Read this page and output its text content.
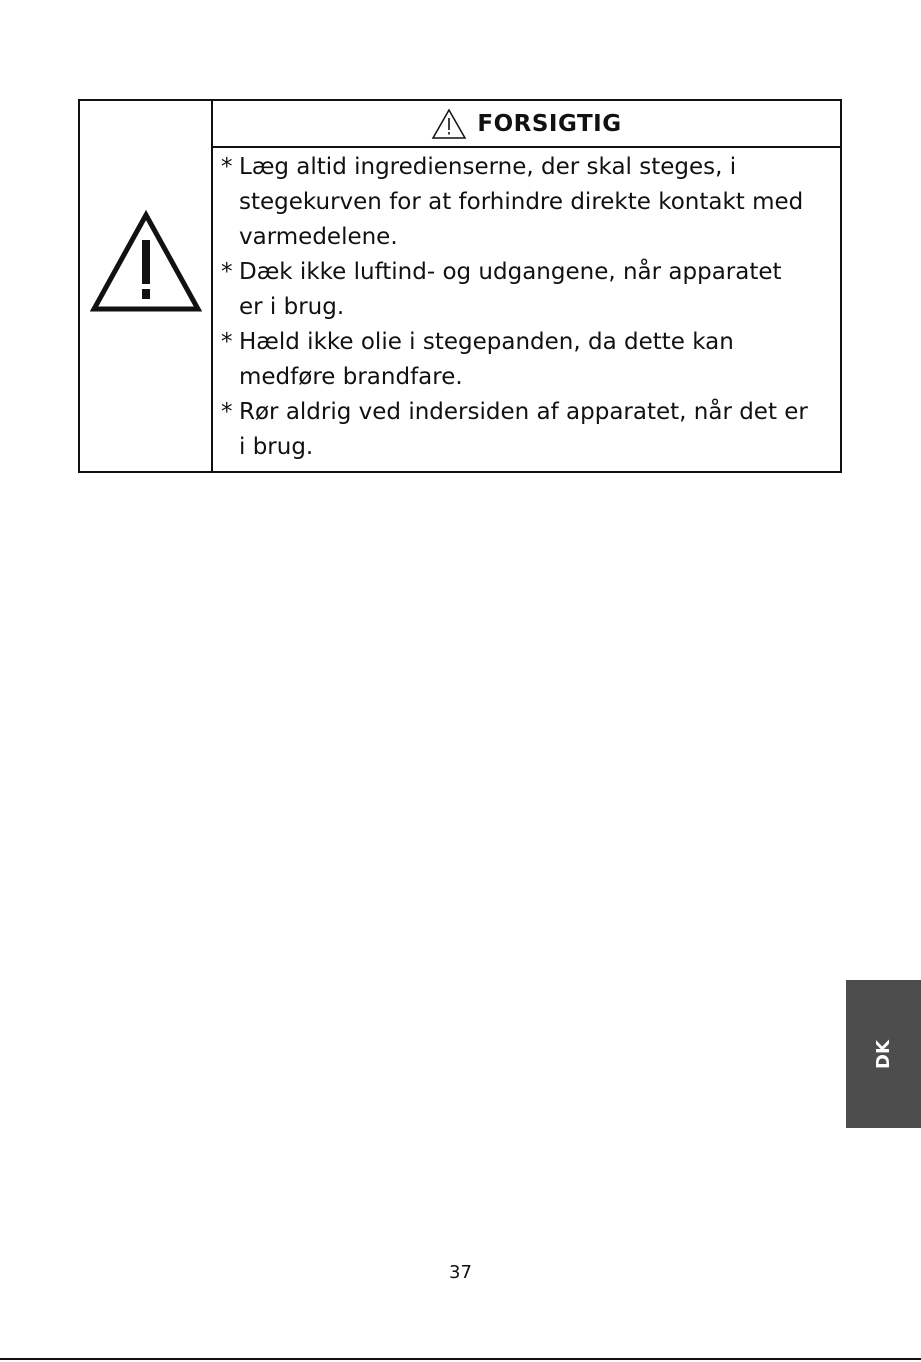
FORSIGTIG
* Læg altid ingredienserne, der skal steges, i
stegekurven for at forhindre direkte kontakt med
varmedelene.
* Dæk ikke luftind- og udgangene, når apparatet
er i brug.
* Hæld ikke olie i stegepanden, da dette kan
medføre brandfare.
* Rør aldrig ved indersiden af apparatet, når det er
i brug.
DK
37
